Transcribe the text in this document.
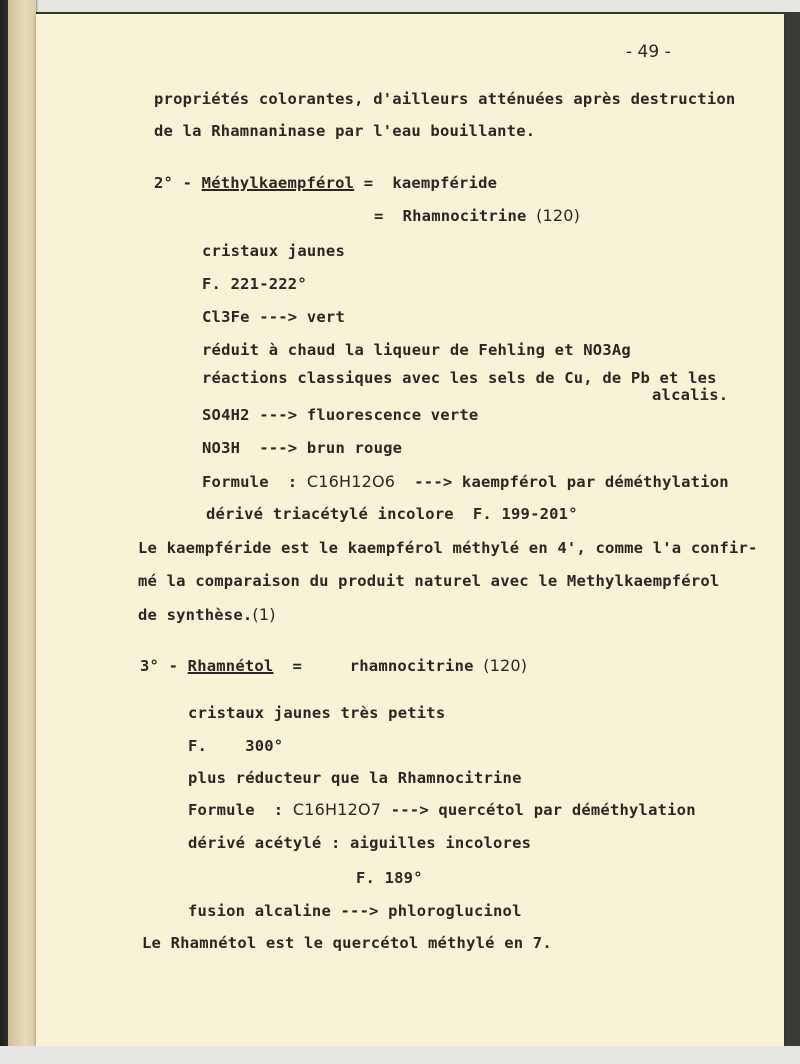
- 49 -
propriétés colorantes, d'ailleurs atténuées après destruction
de la Rhamnaninase par l'eau bouillante.
2° - Méthylkaempférol =  kaempféride
=  Rhamnocitrine (120)
cristaux jaunes
F. 221-222°
Cl3Fe ---> vert
réduit à chaud la liqueur de Fehling et NO3Ag
réactions classiques avec les sels de Cu, de Pb et les
alcalis.
SO4H2 ---> fluorescence verte
NO3H  ---> brun rouge
Formule  : C16H12O6 ---> kaempférol par déméthylation
dérivé triacétylé incolore  F. 199-201°
Le kaempféride est le kaempférol méthylé en 4', comme l'a confir-
mé la comparaison du produit naturel avec le Methylkaempférol
de synthèse.(1)
3° - Rhamnétol  =     rhamnocitrine (120)
cristaux jaunes très petits
F.    300°
plus réducteur que la Rhamnocitrine
Formule  : C16H12O7 ---> quercétol par déméthylation
dérivé acétylé : aiguilles incolores
F. 189°
fusion alcaline ---> phloroglucinol
Le Rhamnétol est le quercétol méthylé en 7.
